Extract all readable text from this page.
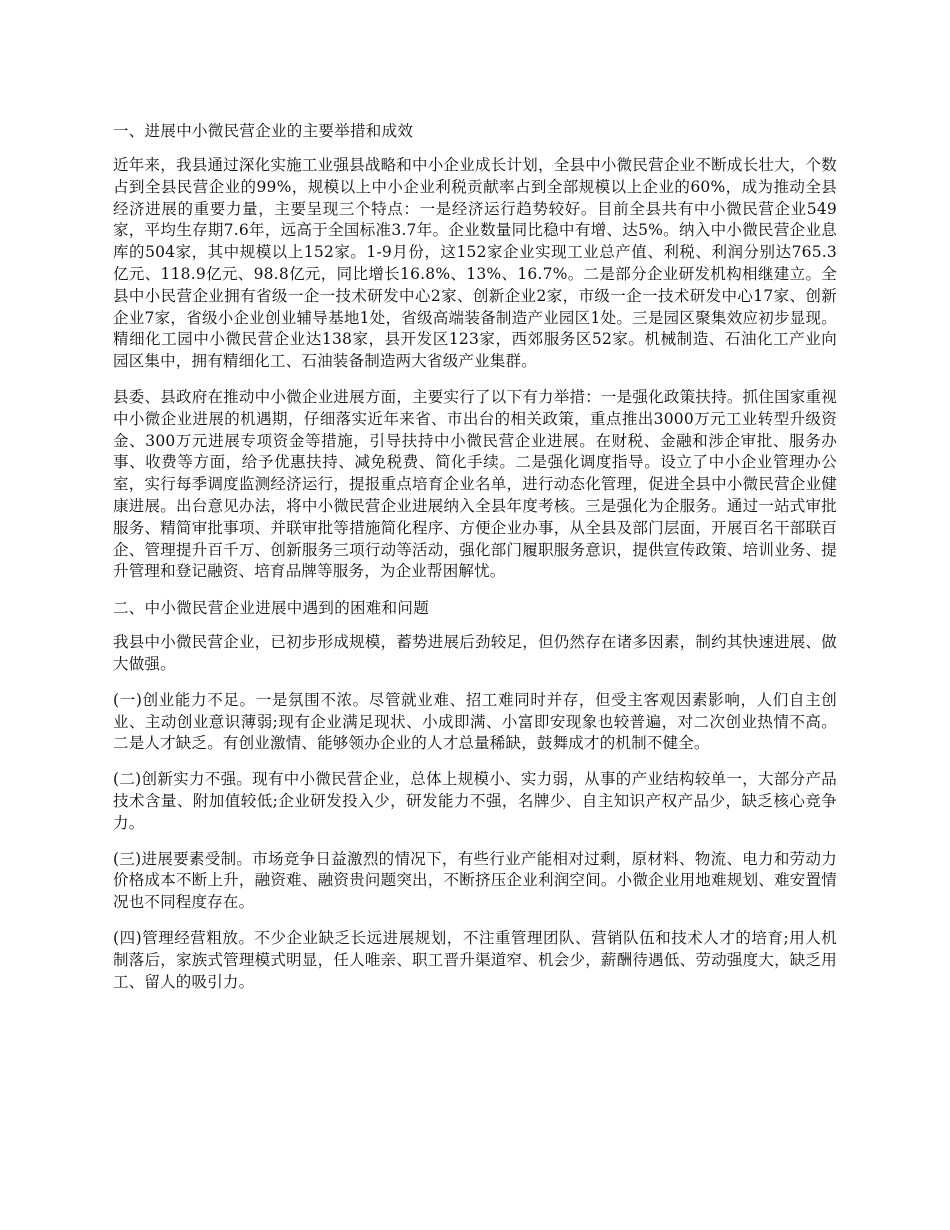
一、进展中小微民营企业的主要举措和成效

近年来，我县通过深化实施工业强县战略和中小企业成长计划，全县中小微民营企业不断成长壮大，个数占到全县民营企业的99%，规模以上中小企业利税贡献率占到全部规模以上企业的60%，成为推动全县经济进展的重要力量，主要呈现三个特点：一是经济运行趋势较好。目前全县共有中小微民营企业549家，平均生存期7.6年，远高于全国标准3.7年。企业数量同比稳中有增、达5%。纳入中小微民营企业息库的504家，其中规模以上152家。1-9月份，这152家企业实现工业总产值、利税、利润分别达765.3亿元、118.9亿元、98.8亿元，同比增长16.8%、13%、16.7%。二是部分企业研发机构相继建立。全县中小民营企业拥有省级一企一技术研发中心2家、创新企业2家，市级一企一技术研发中心17家、创新企业7家，省级小企业创业辅导基地1处，省级高端装备制造产业园区1处。三是园区聚集效应初步显现。精细化工园中小微民营企业达138家，县开发区123家，西郊服务区52家。机械制造、石油化工产业向园区集中，拥有精细化工、石油装备制造两大省级产业集群。

县委、县政府在推动中小微企业进展方面，主要实行了以下有力举措：一是强化政策扶持。抓住国家重视中小微企业进展的机遇期，仔细落实近年来省、市出台的相关政策，重点推出3000万元工业转型升级资金、300万元进展专项资金等措施，引导扶持中小微民营企业进展。在财税、金融和涉企审批、服务办事、收费等方面，给予优惠扶持、减免税费、简化手续。二是强化调度指导。设立了中小企业管理办公室，实行每季调度监测经济运行，提报重点培育企业名单，进行动态化管理，促进全县中小微民营企业健康进展。出台意见办法，将中小微民营企业进展纳入全县年度考核。三是强化为企服务。通过一站式审批服务、精简审批事项、并联审批等措施简化程序、方便企业办事，从全县及部门层面，开展百名干部联百企、管理提升百千万、创新服务三项行动等活动，强化部门履职服务意识，提供宣传政策、培训业务、提升管理和登记融资、培育品牌等服务，为企业帮困解忧。

二、中小微民营企业进展中遇到的困难和问题

我县中小微民营企业，已初步形成规模，蓄势进展后劲较足，但仍然存在诸多因素，制约其快速进展、做大做强。

(一)创业能力不足。一是氛围不浓。尽管就业难、招工难同时并存，但受主客观因素影响，人们自主创业、主动创业意识薄弱;现有企业满足现状、小成即满、小富即安现象也较普遍，对二次创业热情不高。二是人才缺乏。有创业激情、能够领办企业的人才总量稀缺，鼓舞成才的机制不健全。

(二)创新实力不强。现有中小微民营企业，总体上规模小、实力弱，从事的产业结构较单一，大部分产品技术含量、附加值较低;企业研发投入少，研发能力不强，名牌少、自主知识产权产品少，缺乏核心竞争力。

(三)进展要素受制。市场竞争日益激烈的情况下，有些行业产能相对过剩，原材料、物流、电力和劳动力价格成本不断上升，融资难、融资贵问题突出，不断挤压企业利润空间。小微企业用地难规划、难安置情况也不同程度存在。

(四)管理经营粗放。不少企业缺乏长远进展规划，不注重管理团队、营销队伍和技术人才的培育;用人机制落后，家族式管理模式明显，任人唯亲、职工晋升渠道窄、机会少，薪酬待遇低、劳动强度大，缺乏用工、留人的吸引力。
